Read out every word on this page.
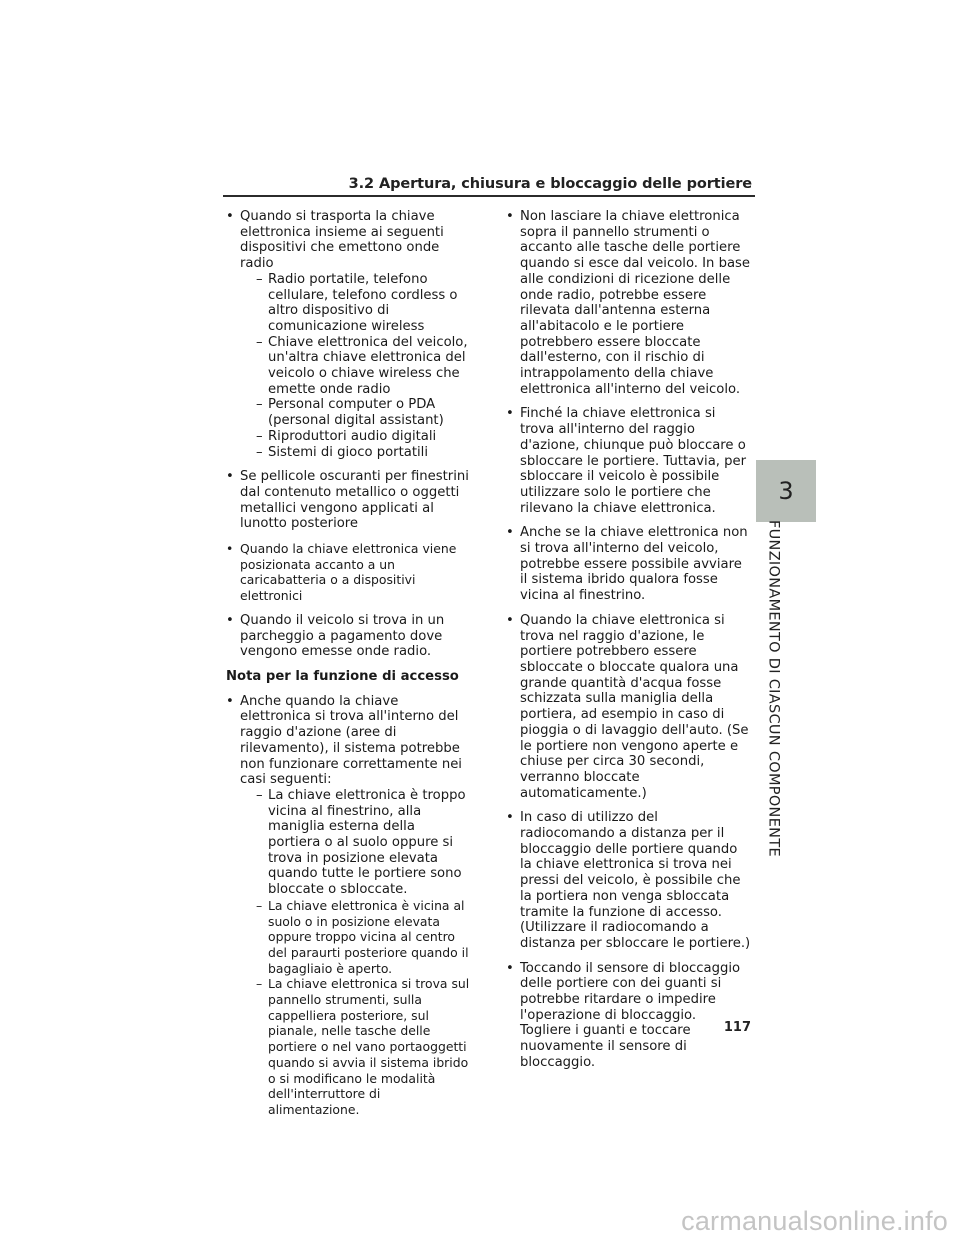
3.2 Apertura, chiusura e bloccaggio delle portiere
• Quando si trasporta la chiave elettronica insieme ai seguenti dispositivi che emettono onde radio
– Radio portatile, telefono cellulare, telefono cordless o altro dispositivo di comunicazione wireless
– Chiave elettronica del veicolo, un'altra chiave elettronica del veicolo o chiave wireless che emette onde radio
– Personal computer o PDA (personal digital assistant)
– Riproduttori audio digitali
– Sistemi di gioco portatili
• Se pellicole oscuranti per finestrini dal contenuto metallico o oggetti metallici vengono applicati al lunotto posteriore
• Quando la chiave elettronica viene posizionata accanto a un caricabatteria o a dispositivi elettronici
• Quando il veicolo si trova in un parcheggio a pagamento dove vengono emesse onde radio.
Nota per la funzione di accesso
• Anche quando la chiave elettronica si trova all'interno del raggio d'azione (aree di rilevamento), il sistema potrebbe non funzionare correttamente nei casi seguenti:
– La chiave elettronica è troppo vicina al finestrino, alla maniglia esterna della portiera o al suolo oppure si trova in posizione elevata quando tutte le portiere sono bloccate o sbloccate.
– La chiave elettronica è vicina al suolo o in posizione elevata oppure troppo vicina al centro del paraurti posteriore quando il bagagliaio è aperto.
– La chiave elettronica si trova sul pannello strumenti, sulla cappelliera posteriore, sul pianale, nelle tasche delle portiere o nel vano portaoggetti quando si avvia il sistema ibrido o si modificano le modalità dell'interruttore di alimentazione.
• Non lasciare la chiave elettronica sopra il pannello strumenti o accanto alle tasche delle portiere quando si esce dal veicolo. In base alle condizioni di ricezione delle onde radio, potrebbe essere rilevata dall'antenna esterna all'abitacolo e le portiere potrebbero essere bloccate dall'esterno, con il rischio di intrappolamento della chiave elettronica all'interno del veicolo.
• Finché la chiave elettronica si trova all'interno del raggio d'azione, chiunque può bloccare o sbloccare le portiere. Tuttavia, per sbloccare il veicolo è possibile utilizzare solo le portiere che rilevano la chiave elettronica.
• Anche se la chiave elettronica non si trova all'interno del veicolo, potrebbe essere possibile avviare il sistema ibrido qualora fosse vicina al finestrino.
• Quando la chiave elettronica si trova nel raggio d'azione, le portiere potrebbero essere sbloccate o bloccate qualora una grande quantità d'acqua fosse schizzata sulla maniglia della portiera, ad esempio in caso di pioggia o di lavaggio dell'auto. (Se le portiere non vengono aperte e chiuse per circa 30 secondi, verranno bloccate automaticamente.)
• In caso di utilizzo del radiocomando a distanza per il bloccaggio delle portiere quando la chiave elettronica si trova nei pressi del veicolo, è possibile che la portiera non venga sbloccata tramite la funzione di accesso. (Utilizzare il radiocomando a distanza per sbloccare le portiere.)
• Toccando il sensore di bloccaggio delle portiere con dei guanti si potrebbe ritardare o impedire l'operazione di bloccaggio. Togliere i guanti e toccare nuovamente il sensore di bloccaggio.
3
FUNZIONAMENTO DI CIASCUN COMPONENTE
117
carmanualsonline.info
